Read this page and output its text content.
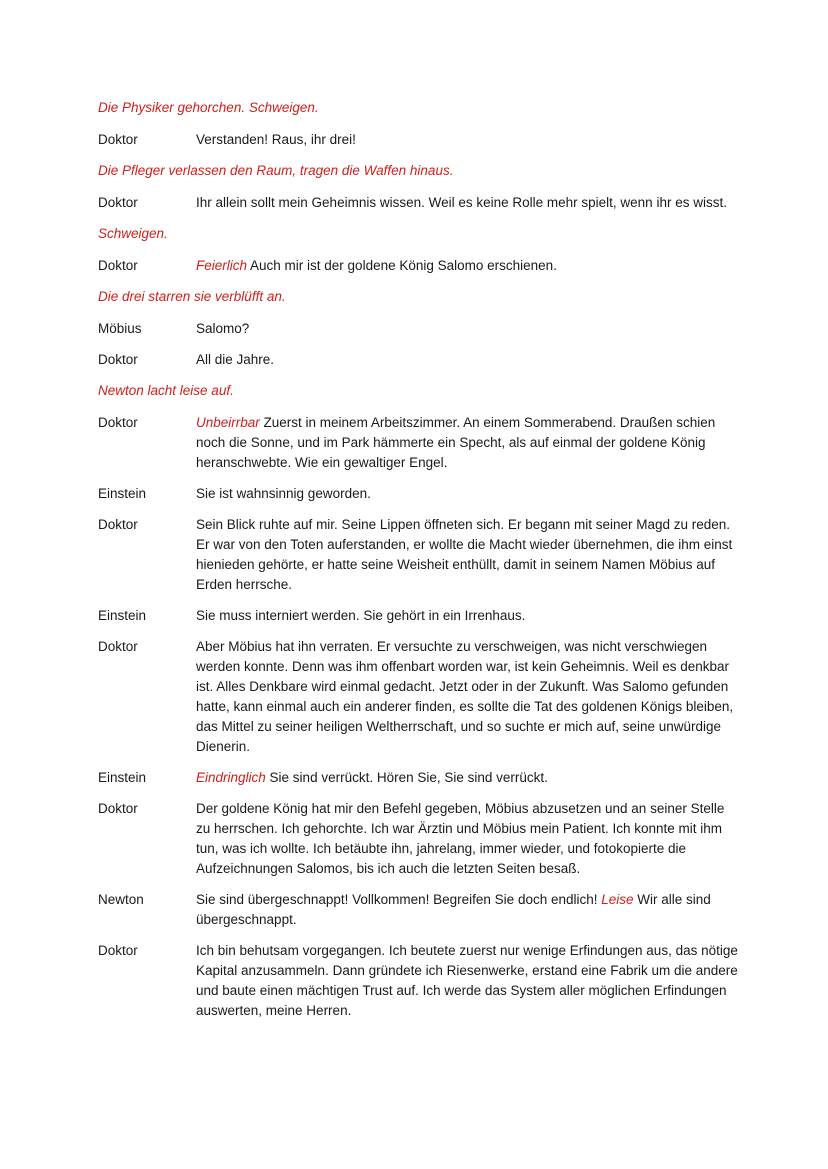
Die Physiker gehorchen. Schweigen.

Doktor	Verstanden! Raus, ihr drei!

Die Pfleger verlassen den Raum, tragen die Waffen hinaus.

Doktor	Ihr allein sollt mein Geheimnis wissen. Weil es keine Rolle mehr spielt, wenn ihr es wisst.

Schweigen.

Doktor	Feierlich Auch mir ist der goldene König Salomo erschienen.

Die drei starren sie verblüfft an.

Möbius	Salomo?
Doktor	All die Jahre.

Newton lacht leise auf.

Doktor	Unbeirrbar Zuerst in meinem Arbeitszimmer. An einem Sommerabend. Draußen schien noch die Sonne, und im Park hämmerte ein Specht, als auf einmal der goldene König heranschwebte. Wie ein gewaltiger Engel.
Einstein	Sie ist wahnsinnig geworden.
Doktor	Sein Blick ruhte auf mir. Seine Lippen öffneten sich. Er begann mit seiner Magd zu reden. Er war von den Toten auferstanden, er wollte die Macht wieder übernehmen, die ihm einst hienieden gehörte, er hatte seine Weisheit enthüllt, damit in seinem Namen Möbius auf Erden herrsche.
Einstein	Sie muss interniert werden. Sie gehört in ein Irrenhaus.
Doktor	Aber Möbius hat ihn verraten. Er versuchte zu verschweigen, was nicht verschwiegen werden konnte. Denn was ihm offenbart worden war, ist kein Geheimnis. Weil es denkbar ist. Alles Denkbare wird einmal gedacht. Jetzt oder in der Zukunft. Was Salomo gefunden hatte, kann einmal auch ein anderer finden, es sollte die Tat des goldenen Königs bleiben, das Mittel zu seiner heiligen Weltherrschaft, und so suchte er mich auf, seine unwürdige Dienerin.
Einstein	Eindringlich Sie sind verrückt. Hören Sie, Sie sind verrückt.
Doktor	Der goldene König hat mir den Befehl gegeben, Möbius abzusetzen und an seiner Stelle zu herrschen. Ich gehorchte. Ich war Ärztin und Möbius mein Patient. Ich konnte mit ihm tun, was ich wollte. Ich betäubte ihn, jahrelang, immer wieder, und fotokopierte die Aufzeichnungen Salomos, bis ich auch die letzten Seiten besaß.
Newton	Sie sind übergeschnappt! Vollkommen! Begreifen Sie doch endlich! Leise Wir alle sind übergeschnappt.
Doktor	Ich bin behutsam vorgegangen. Ich beutete zuerst nur wenige Erfindungen aus, das nötige Kapital anzusammeln. Dann gründete ich Riesenwerke, erstand eine Fabrik um die andere und baute einen mächtigen Trust auf. Ich werde das System aller möglichen Erfindungen auswerten, meine Herren.
